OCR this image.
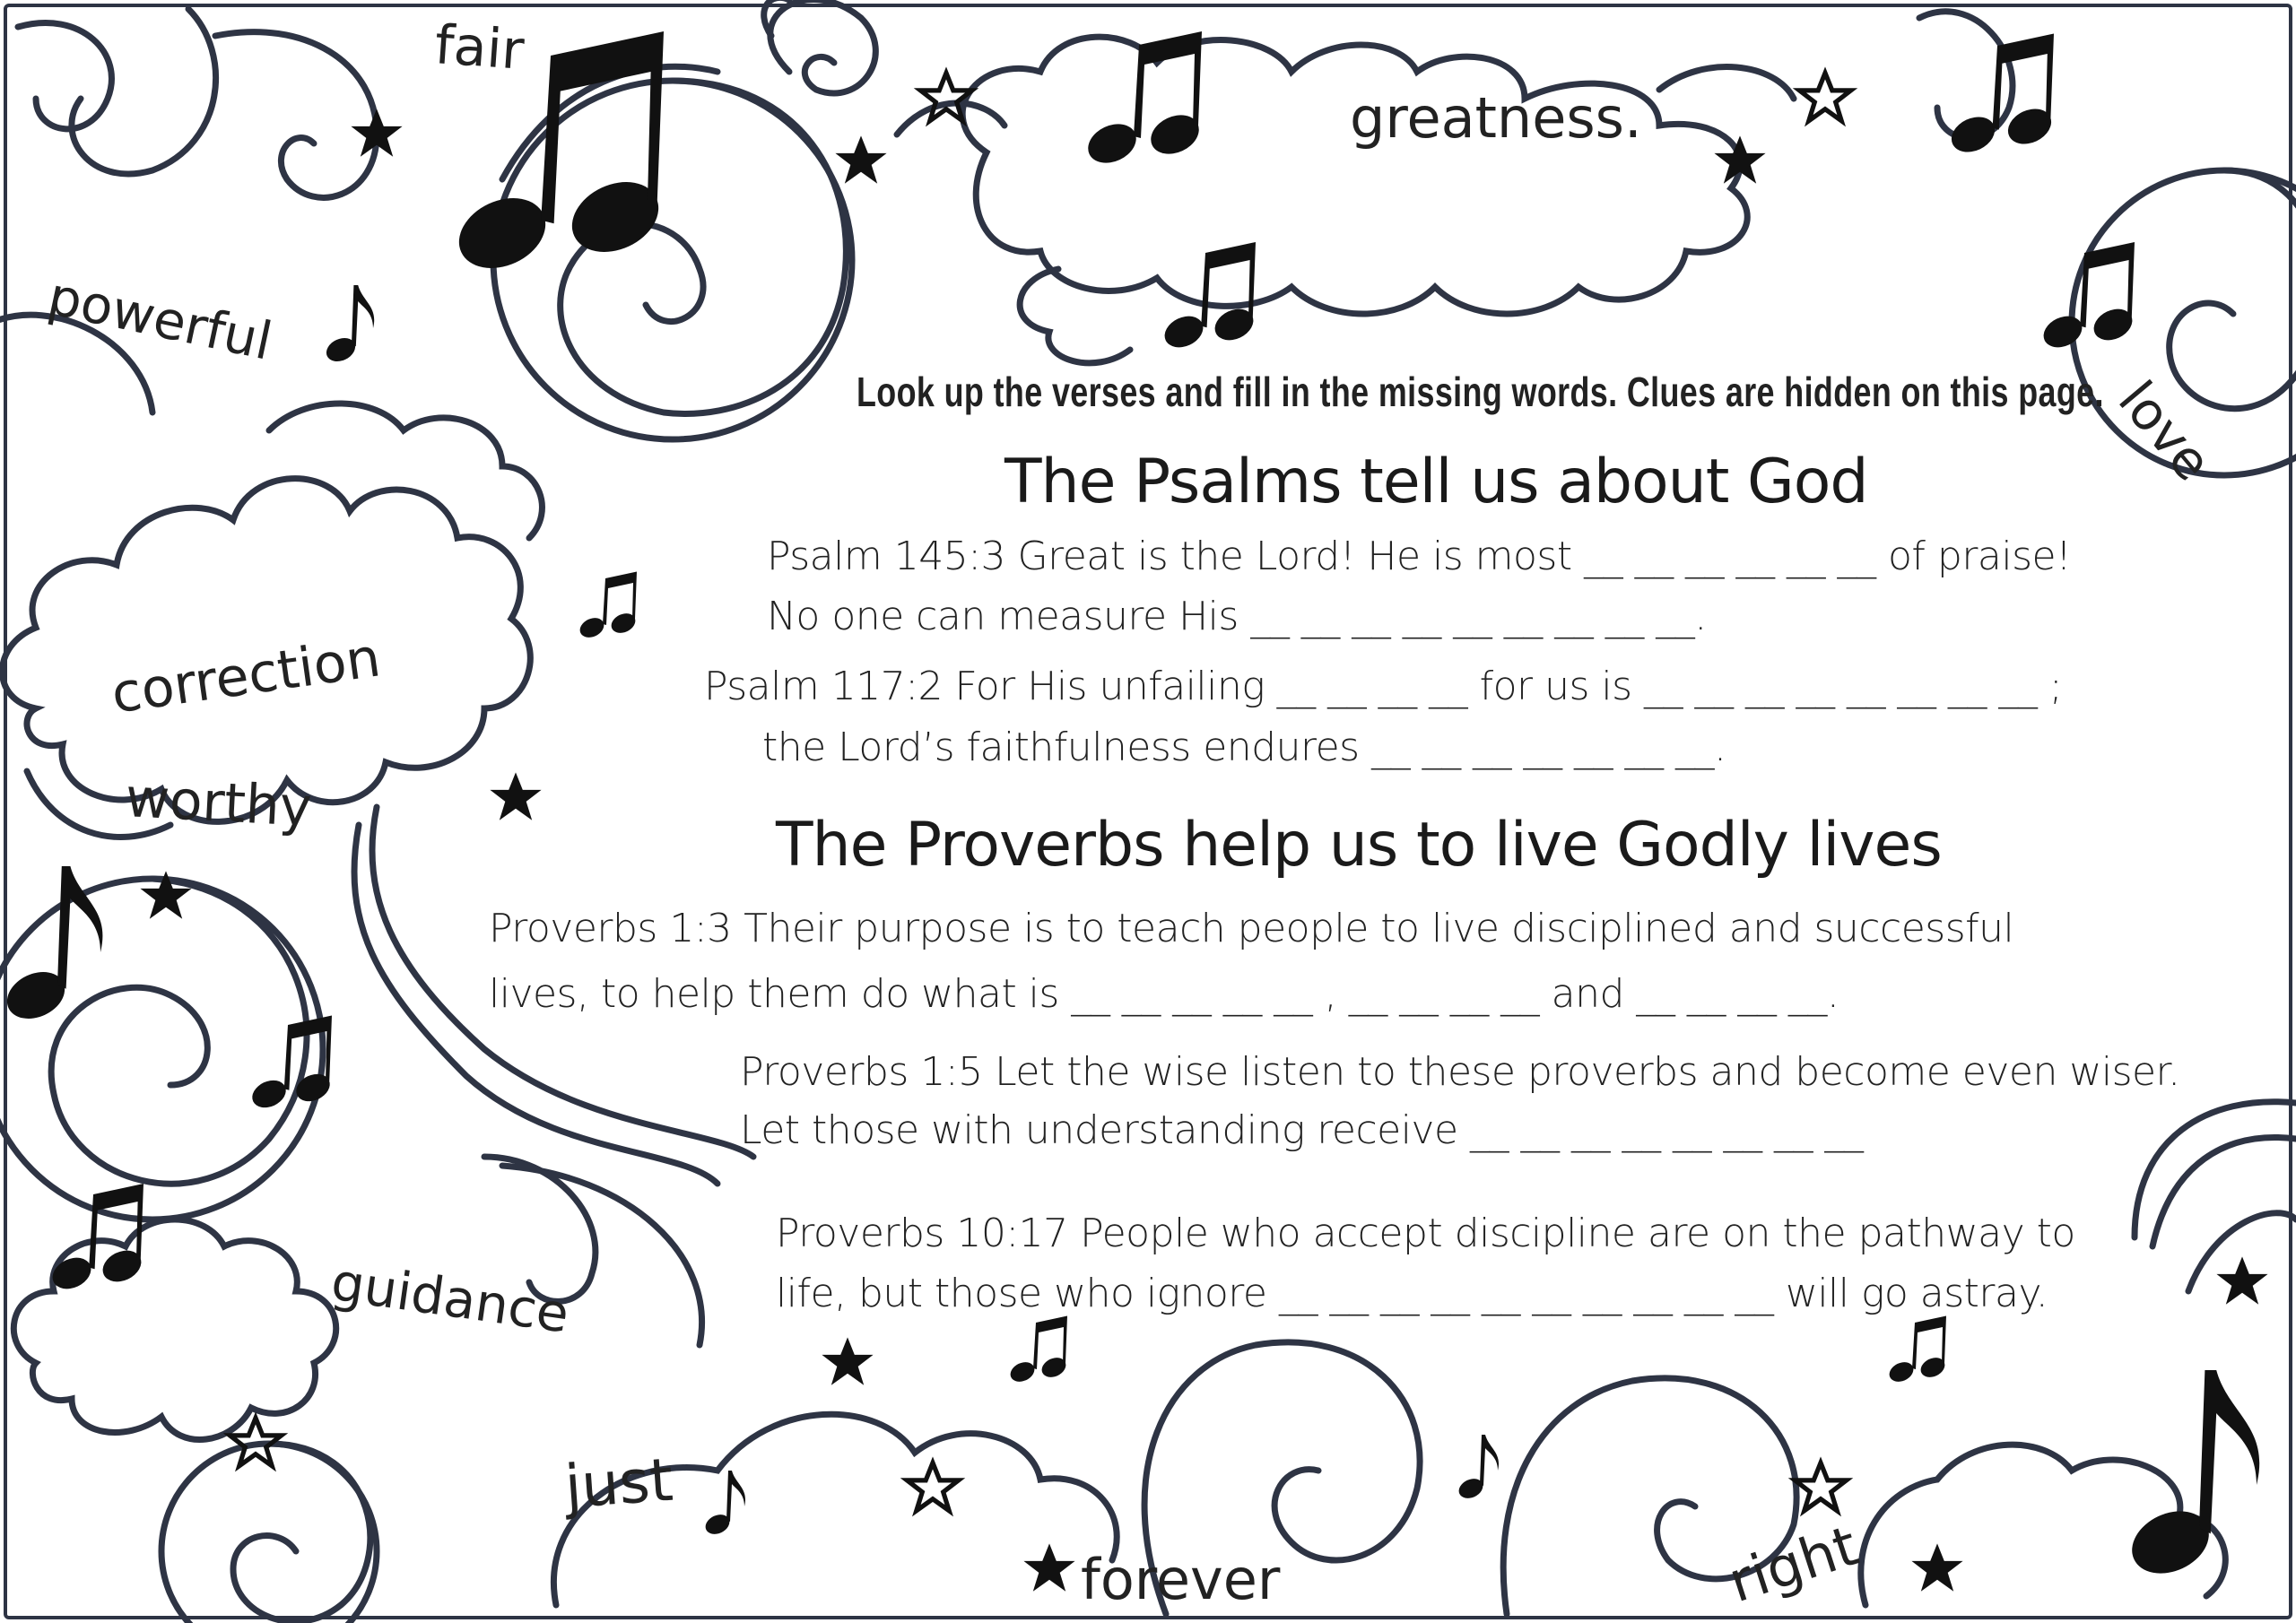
fair
greatness.
powerful
love
correction
worthy
guidance
just
forever	right
Look up the verses and fill in the missing words. Clues are hidden on this page.
The Psalms tell us about God
Psalm 145:3 Great is the Lord! He is most __ __ __ __ __ __ of praise!
No one can measure His __ __ __ __ __ __ __ __ __.
Psalm 117:2 For His unfailing __ __ __ __ for us is __ __ __ __ __ __ __ __ ;
the Lord’s faithfulness endures __ __ __ __ __ __ __.
The Proverbs help us to live Godly lives
Proverbs 1:3 Their purpose is to teach people to live disciplined and successful
lives, to help them do what is __ __ __ __ __ , __ __ __ __ and __ __ __ __.
Proverbs 1:5 Let the wise listen to these proverbs and become even wiser.
Let those with understanding receive __ __ __ __ __ __ __ __
Proverbs 10:17 People who accept discipline are on the pathway to
life, but those who ignore __ __ __ __ __ __ __ __ __ __ will go astray.
